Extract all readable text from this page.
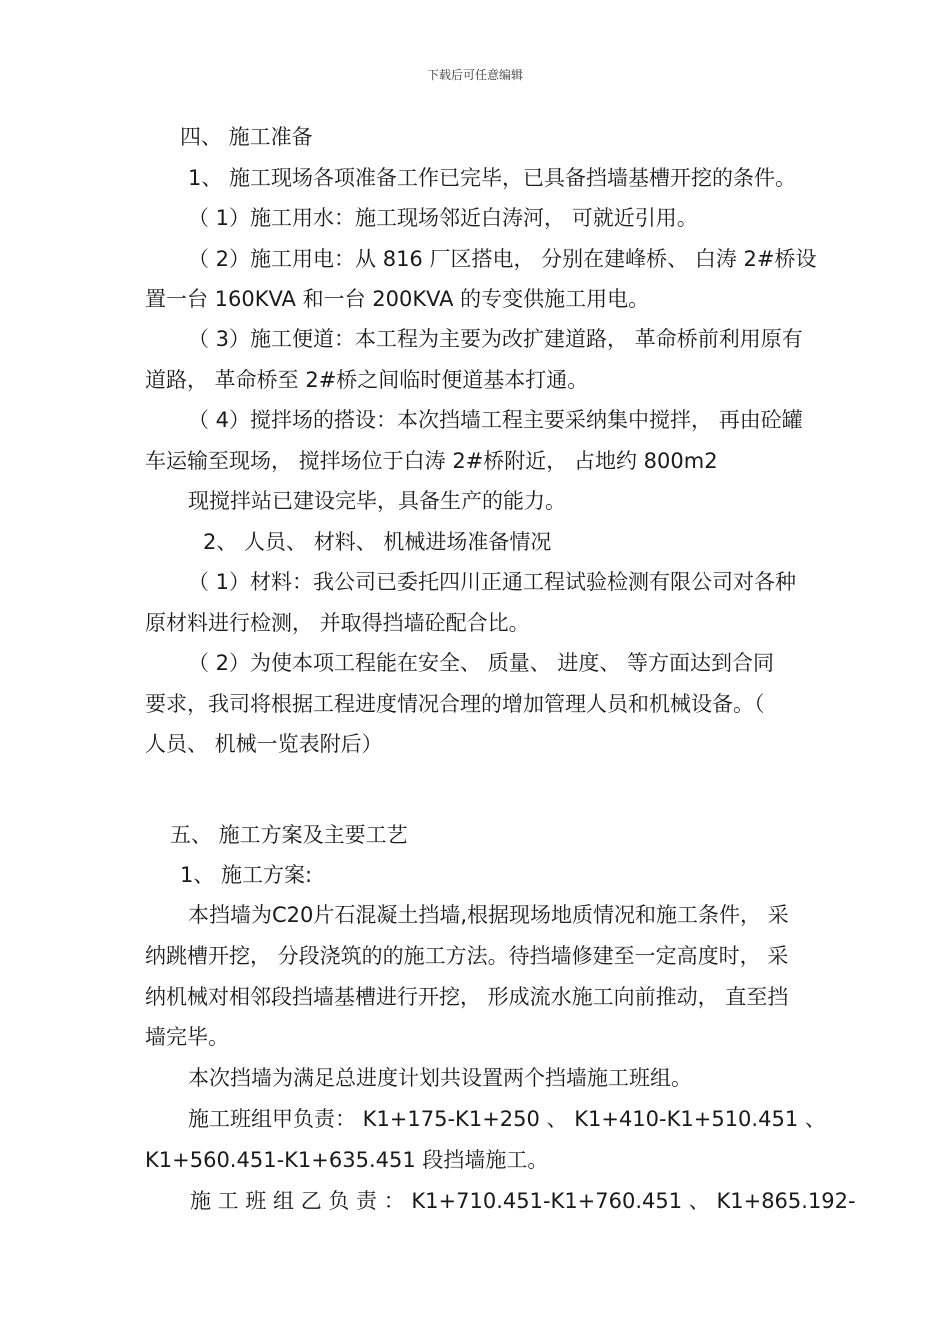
下载后可任意编辑
四、 施工准备
1、 施工现场各项准备工作已完毕，已具备挡墙基槽开挖的条件。
（ 1）施工用水：施工现场邻近白涛河， 可就近引用。
（ 2）施工用电：从 816 厂区搭电， 分别在建峰桥、 白涛 2#桥设
置一台 160KVA 和一台 200KVA 的专变供施工用电。
（ 3）施工便道：本工程为主要为改扩建道路， 革命桥前利用原有
道路， 革命桥至 2#桥之间临时便道基本打通。
（ 4）搅拌场的搭设：本次挡墙工程主要采纳集中搅拌， 再由砼罐
车运输至现场， 搅拌场位于白涛 2#桥附近， 占地约 800m2
现搅拌站已建设完毕，具备生产的能力。
2、 人员、 材料、 机械进场准备情况
（ 1）材料：我公司已委托四川正通工程试验检测有限公司对各种
原材料进行检测， 并取得挡墙砼配合比。
（ 2）为使本项工程能在安全、 质量、 进度、 等方面达到合同
要求，我司将根据工程进度情况合理的增加管理人员和机械设备。（
人员、 机械一览表附后）
五、 施工方案及主要工艺
1、 施工方案:
本挡墙为C20片石混凝土挡墙,根据现场地质情况和施工条件， 采
纳跳槽开挖， 分段浇筑的的施工方法。待挡墙修建至一定高度时， 采
纳机械对相邻段挡墙基槽进行开挖， 形成流水施工向前推动， 直至挡
墙完毕。
本次挡墙为满足总进度计划共设置两个挡墙施工班组。
施工班组甲负责： K1+175-K1+250 、 K1+410-K1+510.451 、
K1+560.451-K1+635.451 段挡墙施工。
施 工 班 组 乙 负 责 ： K1+710.451-K1+760.451 、 K1+865.192-
